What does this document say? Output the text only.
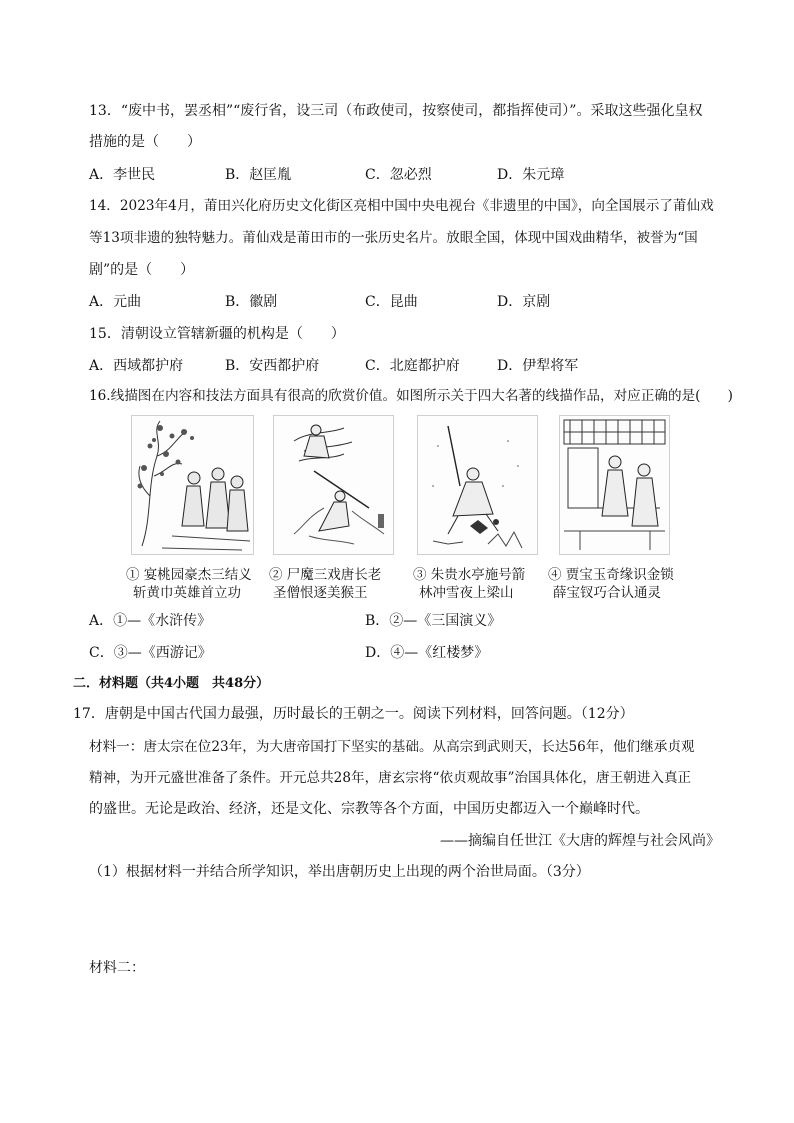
13．“废中书，罢丞相”“废行省，设三司（布政使司，按察使司，都指挥使司）”。采取这些强化皇权
措施的是（　　）
A．李世民	B．赵匡胤	C．忽必烈	D．朱元璋
14．2023年4月，莆田兴化府历史文化街区亮相中国中央电视台《非遗里的中国》，向全国展示了莆仙戏
等13项非遗的独特魅力。莆仙戏是莆田市的一张历史名片。放眼全国，体现中国戏曲精华，被誉为“国
剧”的是（　　）
A．元曲	B．徽剧	C．昆曲	D．京剧
15．清朝设立管辖新疆的机构是（　　）
A．西域都护府	B．安西都护府	C．北庭都护府	D．伊犁将军
16.线描图在内容和技法方面具有很高的欣赏价值。如图所示关于四大名著的线描作品，对应正确的是(　　)
① 宴桃园豪杰三结义
斩黄巾英雄首立功
② 尸魔三戏唐长老
圣僧恨逐美猴王
③ 朱贵水亭施号箭
林冲雪夜上梁山
④ 贾宝玉奇缘识金锁
薛宝钗巧合认通灵
A．①—《水浒传》	B．②—《三国演义》
C．③—《西游记》	D．④—《红楼梦》
二．材料题（共4小题　共48分）
17．唐朝是中国古代国力最强，历时最长的王朝之一。阅读下列材料，回答问题。（12分）
材料一：唐太宗在位23年，为大唐帝国打下坚实的基础。从高宗到武则天，长达56年，他们继承贞观
精神，为开元盛世准备了条件。开元总共28年，唐玄宗将“依贞观故事”治国具体化，唐王朝进入真正
的盛世。无论是政治、经济，还是文化、宗教等各个方面，中国历史都迈入一个巅峰时代。
——摘编自任世江《大唐的辉煌与社会风尚》
（1）根据材料一并结合所学知识，举出唐朝历史上出现的两个治世局面。（3分）
材料二：
